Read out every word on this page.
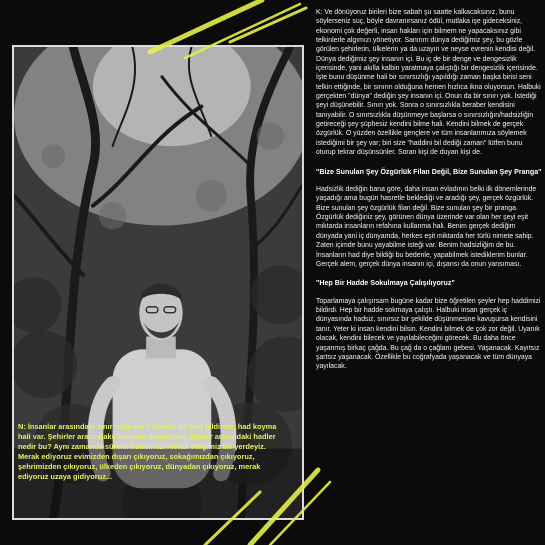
N: İnsanlar arasındaki sınır niçin var? Sürekli bir had bildirme, had koyma hali var. Şehirler arasındaki, insanlar arasındaki, ülkeler arasındaki hadler nedir bu? Aynı zamanda sürekli haddimizi merak ettiğimiz bir yerdeyiz. Merak ediyoruz evimizden dışarı çıkıyoruz, sokağımızdan çıkıyoruz, şehrimizden çıkıyoruz, ülkeden çıkıyoruz, dünyadan çıkıyoruz, merak ediyoruz uzaya gidiyoruz...

K: Ve dönüyoruz birileri bize sabah şu saatte kalkacaksınız, bunu söylerseniz suç, böyle davranırsanız ödül, mutlaka işe gideceksiniz, ekonomi çok değerli, insan hakları için bilmem ne yapacaksınız gibi telkinlerle algımızı yönetiyor. Sanırım dünya dediğimiz şey, bu gözle görülen şehirlerin, ülkelerin ya da uzayın ve neyse evrenin kendisi değil. Dünya dediğimiz şey insanın içi. Bu iç de bir denge ve dengesizlik içerisinde, yani akılla kalbin yaratmaya çalıştığı bir dengesizlik içerisinde. İşte bunu düşünme hali bir sınırsızlığı yapıldığı zaman başka birisi seni telkin ettiğinde, bir sınırın olduğuna hemen hızlıca ikna oluyorsun. Halbuki gerçekten "dünya" dediğin şey insanın içi. Onun da bir sınırı yok. İstediği şeyi düşünebilir. Sınırı yok. Sonra o sınırsızlıkla beraber kendisini tanıyabilir. O sınırsızlıkla düşünmeye başlarsa o sınırsızlığın/hadsizliğin getireceği şey şüphesiz kendini bilme hali. Kendini bilmek de gerçek özgürlük. O yüzden özellikle gençlere ve tüm insanlarımıza söylemek istediğimi bir şey var; biri size "haddini bil dediği zaman" lütfen bunu oturup tekrar düşünsünler. Soran kişi de duyan kişi de.

"Bize Sunulan Şey Özgürlük Filan Değil, Bize Sunulan Şey Pranga"

Hadsizlik dediğin bana göre, daha insan evladının belki ilk dönemlerinde yaşadığı ama bugün hasretle beklediği ve aradığı şey, gerçek özgürlük. Bize sunulan şey özgürlük filan değil. Bize sunulan şey bir pranga. Özgürlük dediğiniz şey, görünen dünya üzerinde var olan her şeyi eşit miktarda insanların refahına kullanma hali. Benim gerçek dediğim dünyada yani iç dünyamda, herkes eşit miktarda her türlü nimete sahip. Zaten içimde bunu yayabilme isteği var. Benim hadsizliğim de bu. İnsanların had diye bildiği bu bedenle, yapabilmek istediklerim bunlar. Gerçek alem, gerçek dünya insanın içi, dışarısı da onun yansıması.

"Hep Bir Hadde Sokulmaya Çalışılıyoruz"

Toparlamaya çalışırsam bugüne kadar bize öğretilen şeyler hep haddimizi bildirdi. Hep bir hadde sokmaya çalıştı. Halbuki insan gerçek iç dünyasında hadsiz, sınırsız bir şekilde düşünmesine kavuşursa kendisini tanır. Yeter ki insan kendini bilsin. Kendini bilmek de çok zor değil. Uyanık olacak, kendini bilecek ve yayılabileceğini görecek. Bu daha önce yaşanmış birkaç çağda. Bu çağ da o çağlarıı gebesi. Yaşanacak. Kayıtsız şartsız yaşanacak. Özellikle bu coğrafyada yaşanacak ve tüm dünyaya yayılacak.
